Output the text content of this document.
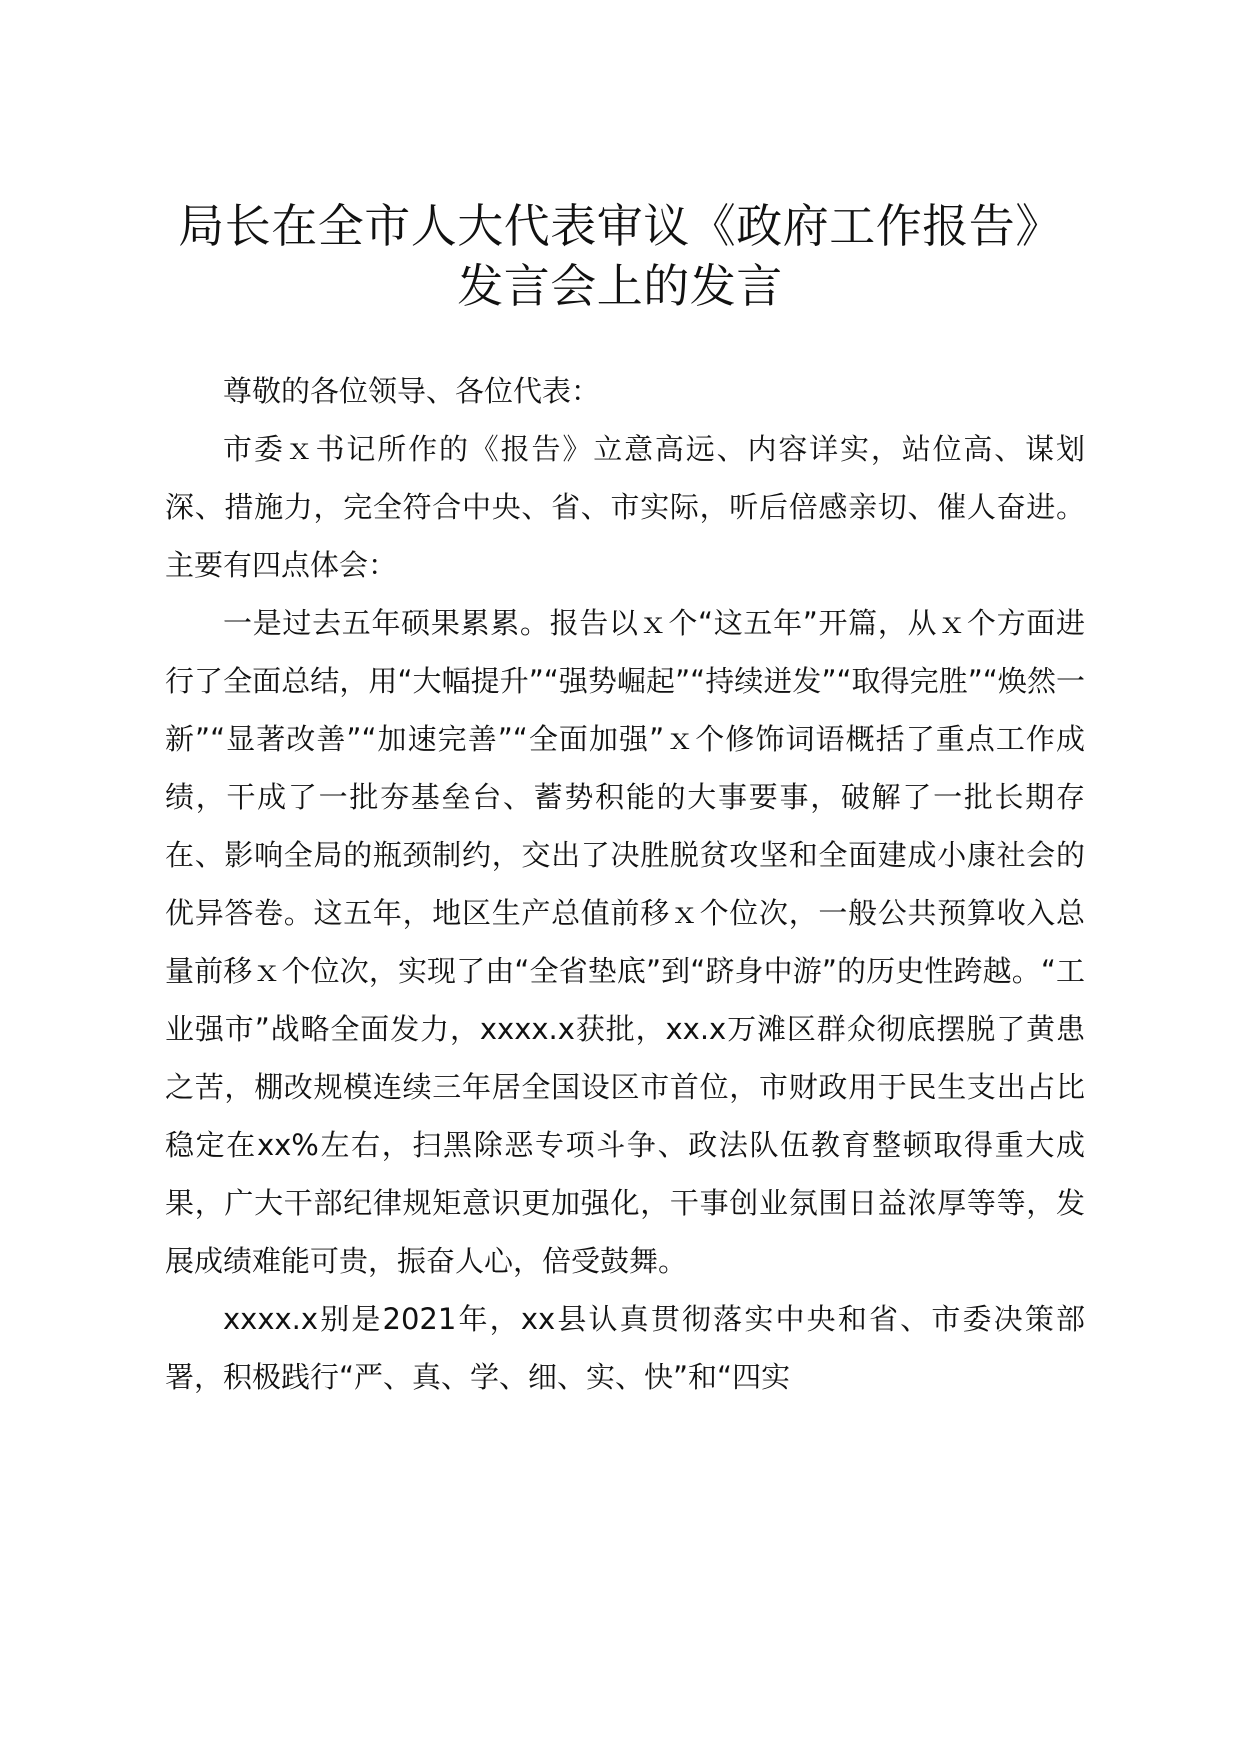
局长在全市人大代表审议《政府工作报告》
发言会上的发言

尊敬的各位领导、各位代表：

市委ｘ书记所作的《报告》立意高远、内容详实，站位高、谋划深、措施力，完全符合中央、省、市实际，听后倍感亲切、催人奋进。主要有四点体会：

一是过去五年硕果累累。报告以ｘ个“这五年”开篇，从ｘ个方面进行了全面总结，用“大幅提升”“强势崛起”“持续迸发”“取得完胜”“焕然一新”“显著改善”“加速完善”“全面加强”ｘ个修饰词语概括了重点工作成绩，干成了一批夯基垒台、蓄势积能的大事要事，破解了一批长期存在、影响全局的瓶颈制约，交出了决胜脱贫攻坚和全面建成小康社会的优异答卷。这五年，地区生产总值前移ｘ个位次，一般公共预算收入总量前移ｘ个位次，实现了由“全省垫底”到“跻身中游”的历史性跨越。“工业强市”战略全面发力，xxxx.x获批，xx.x万滩区群众彻底摆脱了黄患之苦，棚改规模连续三年居全国设区市首位，市财政用于民生支出占比稳定在xx%左右，扫黑除恶专项斗争、政法队伍教育整顿取得重大成果，广大干部纪律规矩意识更加强化，干事创业氛围日益浓厚等等，发展成绩难能可贵，振奋人心，倍受鼓舞。

xxxx.x别是2021年，xx县认真贯彻落实中央和省、市委决策部署，积极践行“严、真、学、细、实、快”和“四实
